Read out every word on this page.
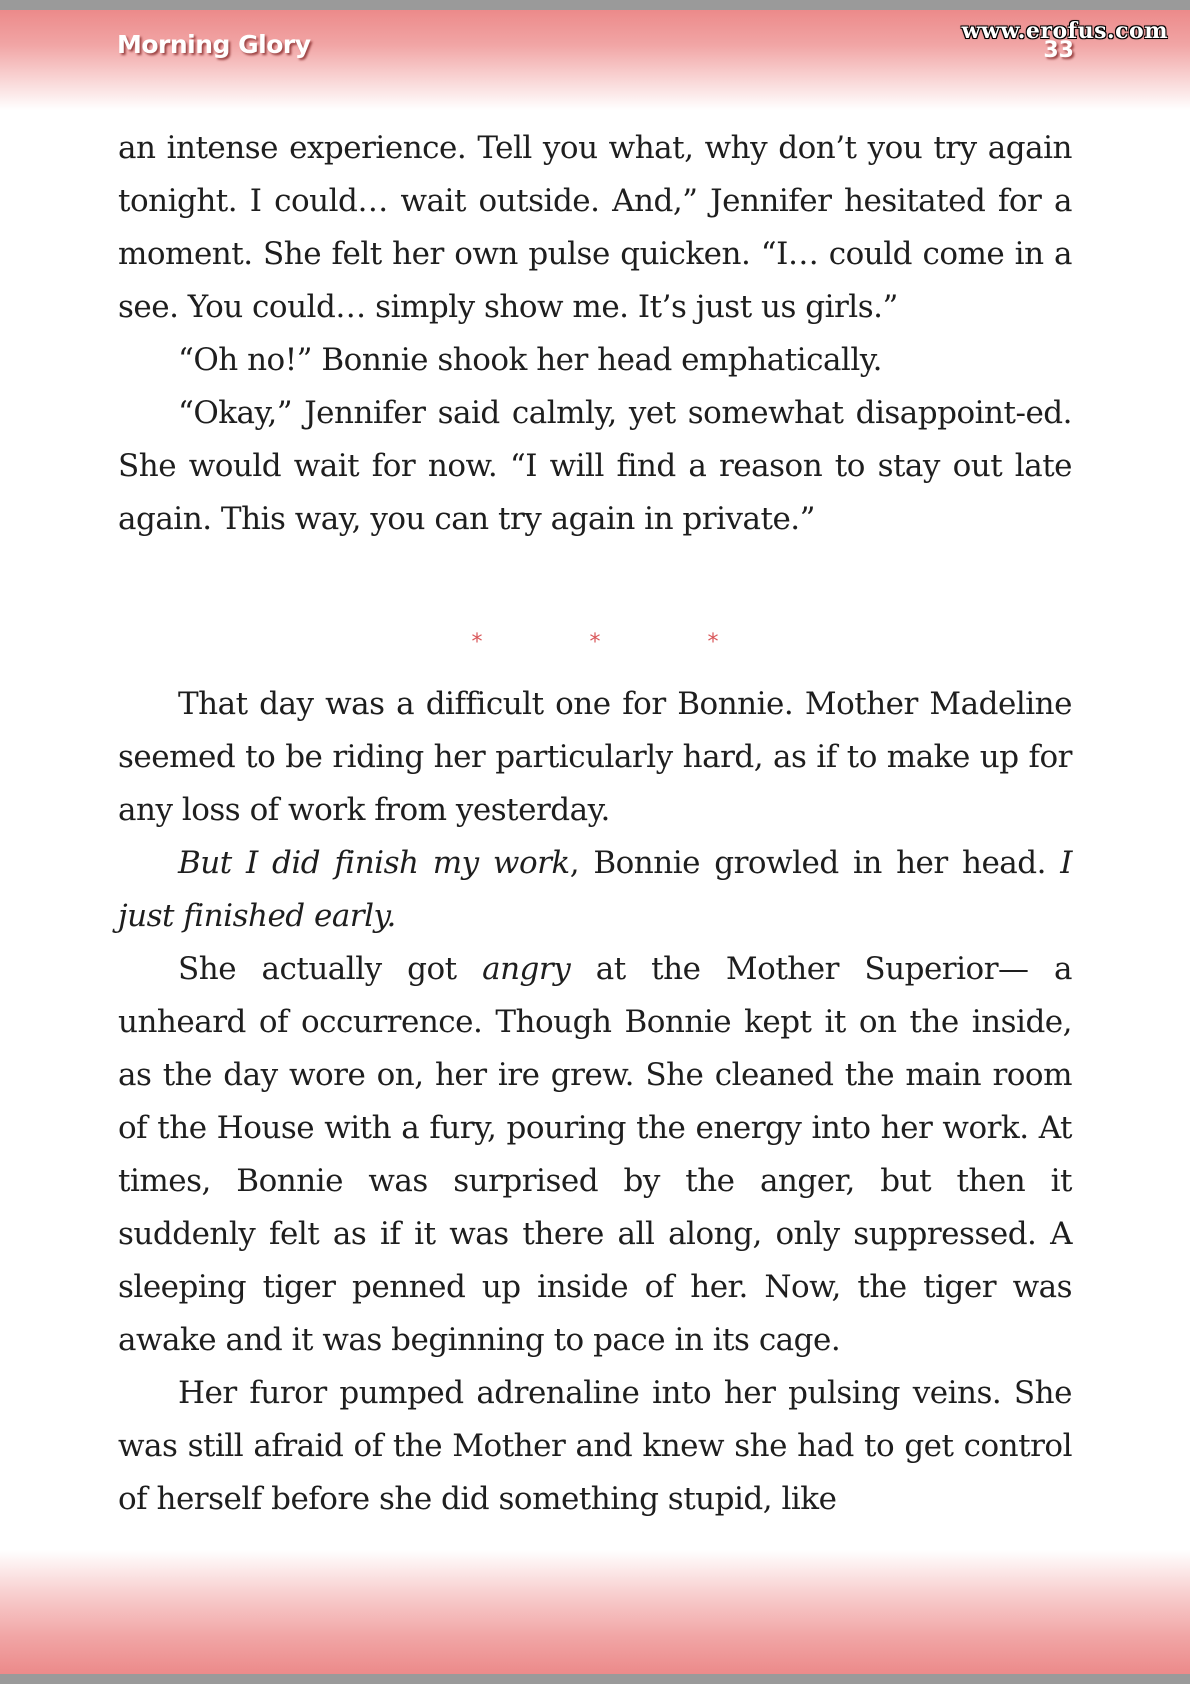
Morning Glory	33
www.erofus.com

an intense experience. Tell you what, why don’t you try again tonight. I could… wait outside. And,” Jennifer hesitated for a moment. She felt her own pulse quicken. “I… could come in a see. You could… simply show me. It’s just us girls.”

“Oh no!” Bonnie shook her head emphatically.

“Okay,” Jennifer said calmly, yet somewhat disappoint-ed. She would wait for now. “I will find a reason to stay out late again. This way, you can try again in private.”

* * *

That day was a difficult one for Bonnie. Mother Madeline seemed to be riding her particularly hard, as if to make up for any loss of work from yesterday.

But I did finish my work, Bonnie growled in her head. I just finished early.

She actually got angry at the Mother Superior— a unheard of occurrence. Though Bonnie kept it on the inside, as the day wore on, her ire grew. She cleaned the main room of the House with a fury, pouring the energy into her work. At times, Bonnie was surprised by the anger, but then it suddenly felt as if it was there all along, only suppressed. A sleeping tiger penned up inside of her. Now, the tiger was awake and it was beginning to pace in its cage.

Her furor pumped adrenaline into her pulsing veins. She was still afraid of the Mother and knew she had to get control of herself before she did something stupid, like
